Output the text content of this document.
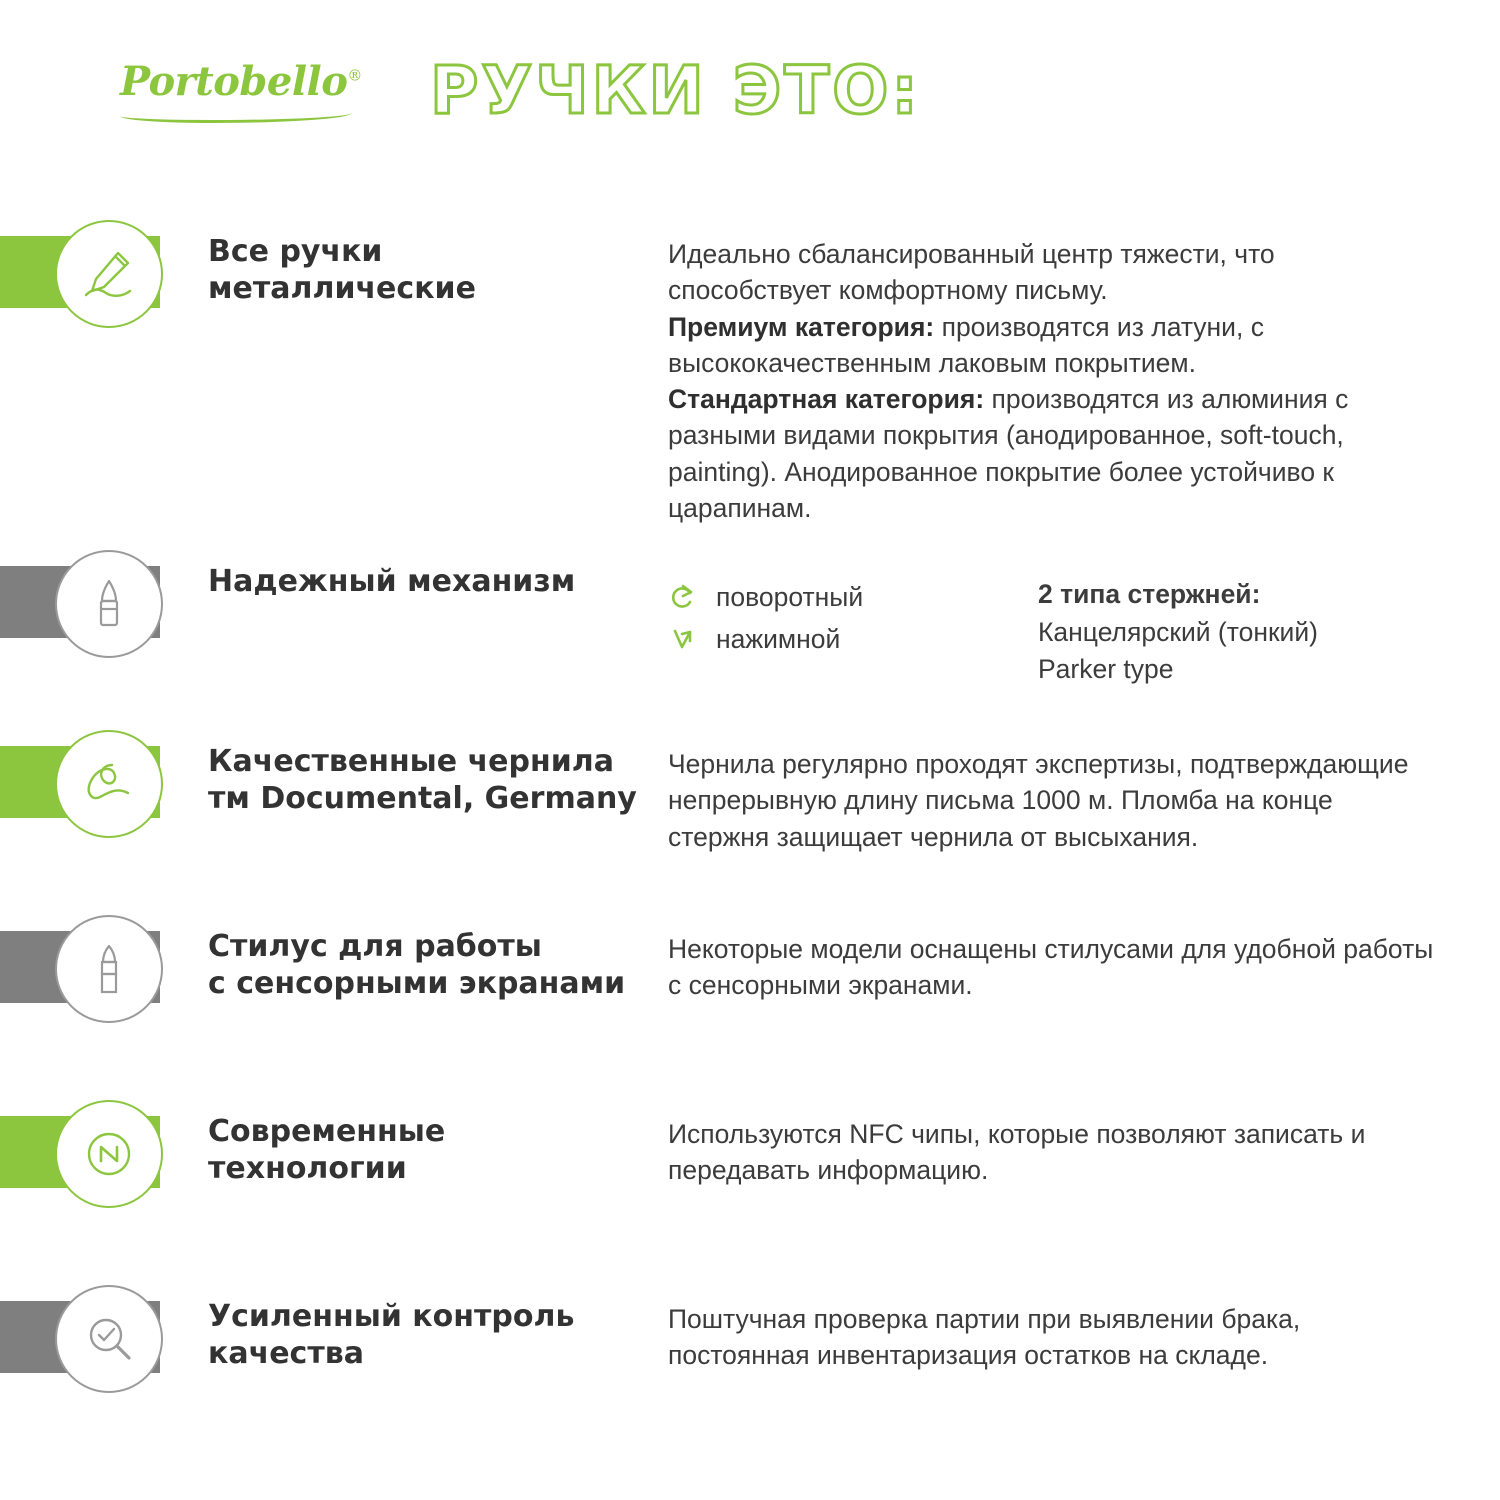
Portobello® РУЧКИ ЭТО:
Все ручки
металлические

Идеально сбалансированный центр тяжести, что способствует комфортному письму.

Премиум категория: производятся из латуни, с высококачественным лаковым покрытием.

Стандартная категория: производятся из алюминия с разными видами покрытия (анодированное, soft-touch, painting). Анодированное покрытие более устойчиво к царапинам.

Надежный механизм	поворотный
нажимной
2 типа стержней:
Канцелярский (тонкий)
Parker type
Качественные чернила
тм Documental, Germany

Чернила регулярно проходят экспертизы, подтверждающие непрерывную длину письма 1000 м. Пломба на конце стержня защищает чернила от высыхания.

Стилус для работы
с сенсорными экранами

Некоторые модели оснащены стилусами для удобной работы с сенсорными экранами.

Современные
технологии

Используются NFC чипы, которые позволяют записать и передавать информацию.

Усиленный контроль
качества

Поштучная проверка партии при выявлении брака, постоянная инвентаризация остатков на складе.
